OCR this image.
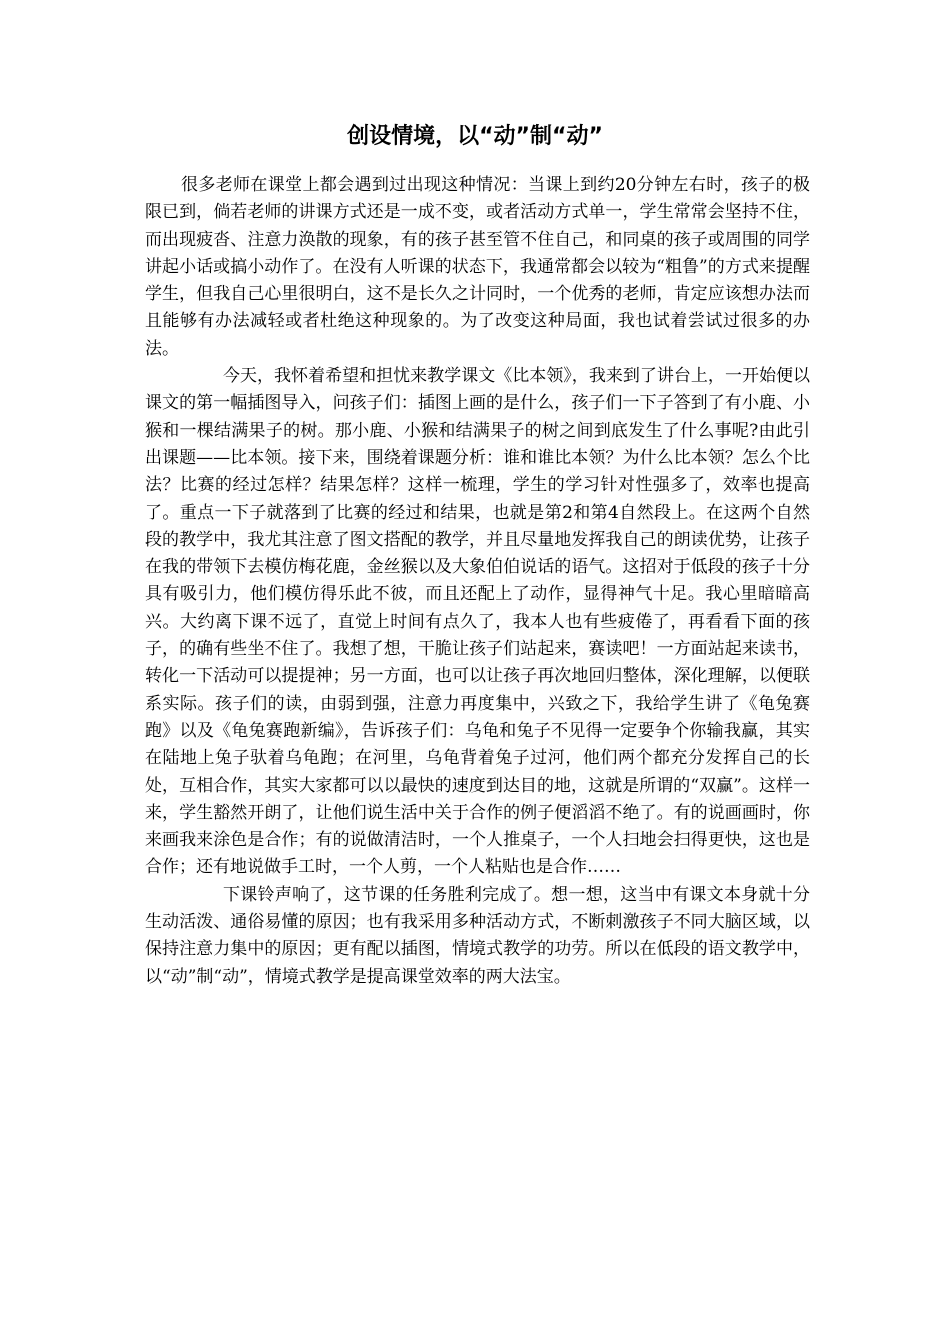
创设情境，以“动”制“动”

很多老师在课堂上都会遇到过出现这种情况：当课上到约20分钟左右时，孩子的极限已到，倘若老师的讲课方式还是一成不变，或者活动方式单一，学生常常会坚持不住，而出现疲沓、注意力涣散的现象，有的孩子甚至管不住自己，和同桌的孩子或周围的同学讲起小话或搞小动作了。在没有人听课的状态下，我通常都会以较为“粗鲁”的方式来提醒学生，但我自己心里很明白，这不是长久之计同时，一个优秀的老师，肯定应该想办法而且能够有办法减轻或者杜绝这种现象的。为了改变这种局面，我也试着尝试过很多的办法。

今天，我怀着希望和担忧来教学课文《比本领》，我来到了讲台上，一开始便以课文的第一幅插图导入，问孩子们：插图上画的是什么，孩子们一下子答到了有小鹿、小猴和一棵结满果子的树。那小鹿、小猴和结满果子的树之间到底发生了什么事呢?由此引出课题——比本领。接下来，围绕着课题分析：谁和谁比本领？为什么比本领？怎么个比法？比赛的经过怎样？结果怎样？这样一梳理，学生的学习针对性强多了，效率也提高了。重点一下子就落到了比赛的经过和结果，也就是第2和第4自然段上。在这两个自然段的教学中，我尤其注意了图文搭配的教学，并且尽量地发挥我自己的朗读优势，让孩子在我的带领下去模仿梅花鹿，金丝猴以及大象伯伯说话的语气。这招对于低段的孩子十分具有吸引力，他们模仿得乐此不彼，而且还配上了动作，显得神气十足。我心里暗暗高兴。大约离下课不远了，直觉上时间有点久了，我本人也有些疲倦了，再看看下面的孩子，的确有些坐不住了。我想了想，干脆让孩子们站起来，赛读吧！一方面站起来读书，转化一下活动可以提提神；另一方面，也可以让孩子再次地回归整体，深化理解，以便联系实际。孩子们的读，由弱到强，注意力再度集中，兴致之下，我给学生讲了《龟兔赛跑》以及《龟兔赛跑新编》，告诉孩子们：乌龟和兔子不见得一定要争个你输我赢，其实在陆地上兔子驮着乌龟跑；在河里，乌龟背着兔子过河，他们两个都充分发挥自己的长处，互相合作，其实大家都可以以最快的速度到达目的地，这就是所谓的“双赢”。这样一来，学生豁然开朗了，让他们说生活中关于合作的例子便滔滔不绝了。有的说画画时，你来画我来涂色是合作；有的说做清洁时，一个人推桌子，一个人扫地会扫得更快，这也是合作；还有地说做手工时，一个人剪，一个人粘贴也是合作……

下课铃声响了，这节课的任务胜利完成了。想一想，这当中有课文本身就十分生动活泼、通俗易懂的原因；也有我采用多种活动方式，不断刺激孩子不同大脑区域，以保持注意力集中的原因；更有配以插图，情境式教学的功劳。所以在低段的语文教学中，以“动”制“动”，情境式教学是提高课堂效率的两大法宝。
